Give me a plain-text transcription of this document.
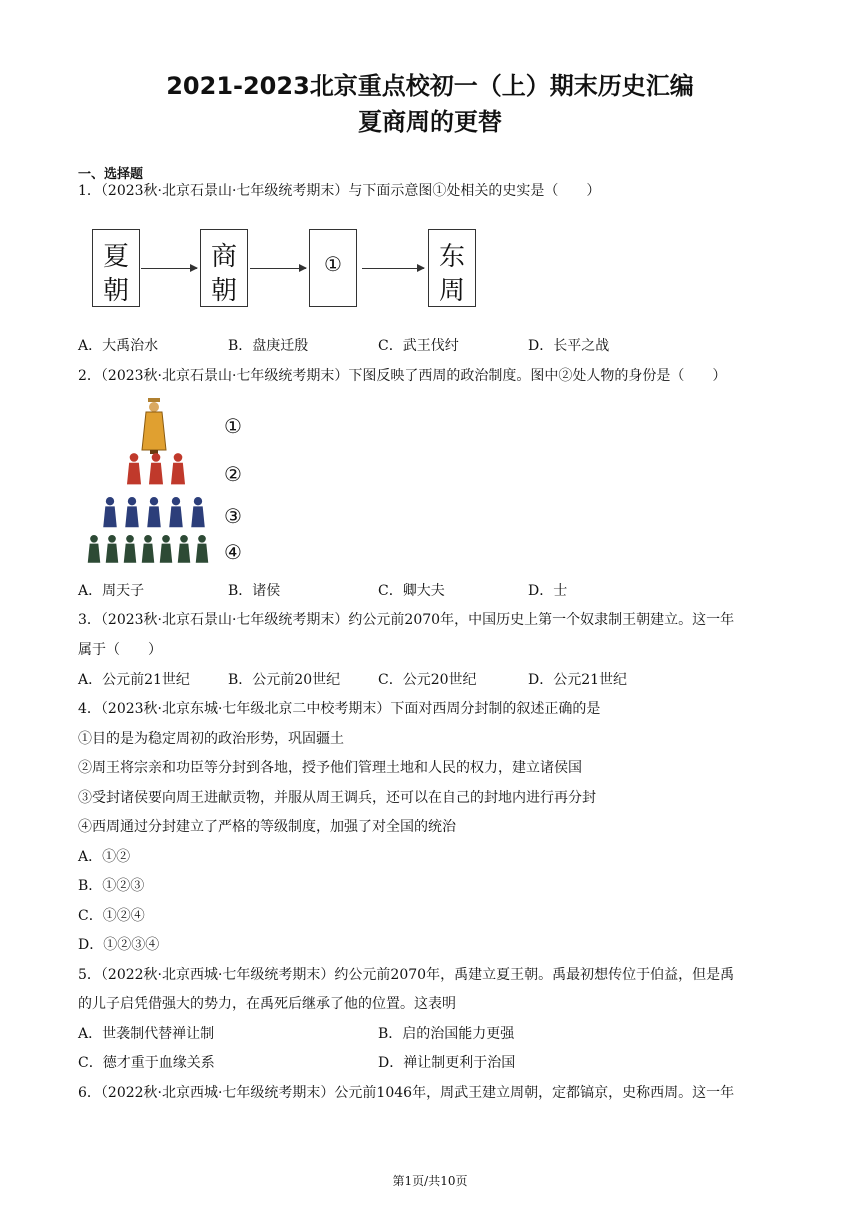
2021-2023北京重点校初一（上）期末历史汇编
夏商周的更替
一、选择题
1．（2023秋·北京石景山·七年级统考期末）与下面示意图①处相关的史实是（　　）
夏
朝
商
朝
①	东
周
A．大禹治水	B．盘庚迁殷	C．武王伐纣	D．长平之战
2．（2023秋·北京石景山·七年级统考期末）下图反映了西周的政治制度。图中②处人物的身份是（　　）
①
②
③
④
A．周天子	B．诸侯	C．卿大夫	D．士
3．（2023秋·北京石景山·七年级统考期末）约公元前2070年，中国历史上第一个奴隶制王朝建立。这一年
属于（　　）
A．公元前21世纪	B．公元前20世纪	C．公元20世纪	D．公元21世纪
4．（2023秋·北京东城·七年级北京二中校考期末）下面对西周分封制的叙述正确的是
①目的是为稳定周初的政治形势，巩固疆土
②周王将宗亲和功臣等分封到各地，授予他们管理土地和人民的权力，建立诸侯国
③受封诸侯要向周王进献贡物，并服从周王调兵，还可以在自己的封地内进行再分封
④西周通过分封建立了严格的等级制度，加强了对全国的统治
A．①②
B．①②③
C．①②④
D．①②③④
5．（2022秋·北京西城·七年级统考期末）约公元前2070年，禹建立夏王朝。禹最初想传位于伯益，但是禹
的儿子启凭借强大的势力，在禹死后继承了他的位置。这表明
A．世袭制代替禅让制	B．启的治国能力更强
C．德才重于血缘关系	D．禅让制更利于治国
6．（2022秋·北京西城·七年级统考期末）公元前1046年，周武王建立周朝，定都镐京，史称西周。这一年
第1页/共10页
